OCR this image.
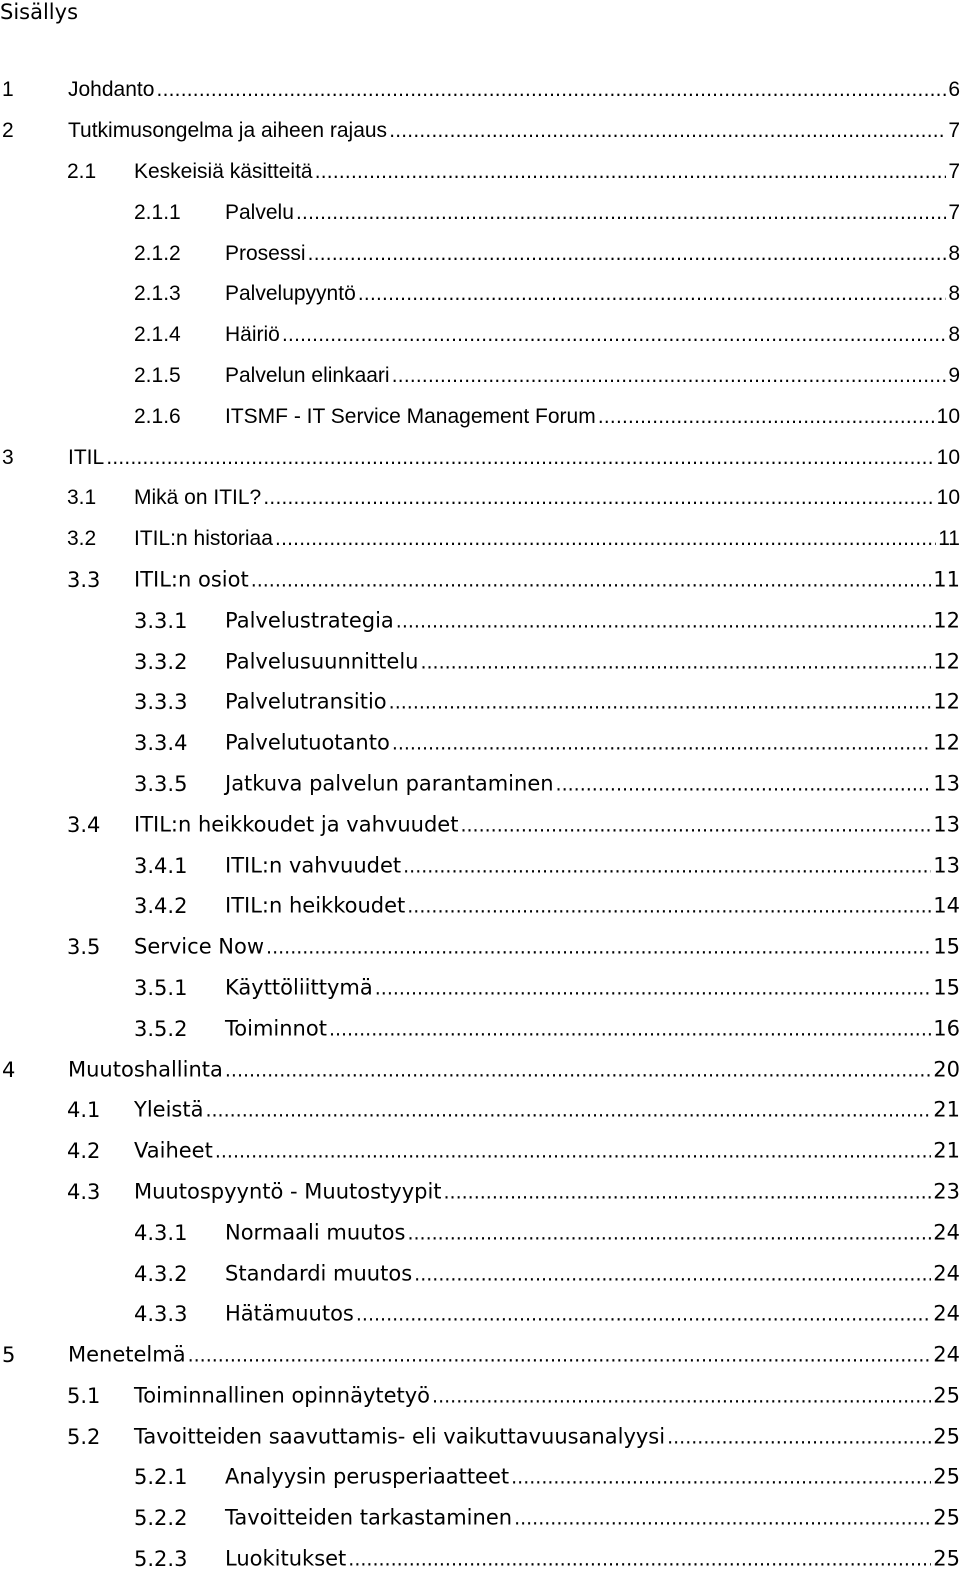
Sisällys
1	Johdanto .....	6
2	Tutkimusongelma ja aiheen rajaus .....	7
2.1 Keskeisiä käsitteitä .....	7
2.1.1 Palvelu .....	7
2.1.2 Prosessi .....	8
2.1.3 Palvelupyyntö .....	8
2.1.4 Häiriö .....	8
2.1.5 Palvelun elinkaari .....	9
2.1.6 ITSMF - IT Service Management Forum .....	10
3	ITIL .....	10
3.1 Mikä on ITIL? .....	10
3.2 ITIL:n historiaa .....	11
3.3 ITIL:n osiot .....	11
3.3.1 Palvelustrategia .....	12
3.3.2 Palvelusuunnittelu .....	12
3.3.3 Palvelutransitio .....	12
3.3.4 Palvelutuotanto .....	12
3.3.5 Jatkuva palvelun parantaminen .....	13
3.4 ITIL:n heikkoudet ja vahvuudet .....	13
3.4.1 ITIL:n vahvuudet .....	13
3.4.2 ITIL:n heikkoudet .....	14
3.5 Service Now .....	15
3.5.1 Käyttöliittymä .....	15
3.5.2 Toiminnot .....	16
4	Muutoshallinta .....	20
4.1 Yleistä .....	21
4.2 Vaiheet .....	21
4.3 Muutospyyntö - Muutostyypit .....	23
4.3.1 Normaali muutos .....	24
4.3.2 Standardi muutos .....	24
4.3.3 Hätämuutos .....	24
5	Menetelmä .....	24
5.1 Toiminnallinen opinnäytetyö .....	25
5.2 Tavoitteiden saavuttamis- eli vaikuttavuusanalyysi .....	25
5.2.1 Analyysin perusperiaatteet .....	25
5.2.2 Tavoitteiden tarkastaminen .....	25
5.2.3 Luokitukset .....	25
